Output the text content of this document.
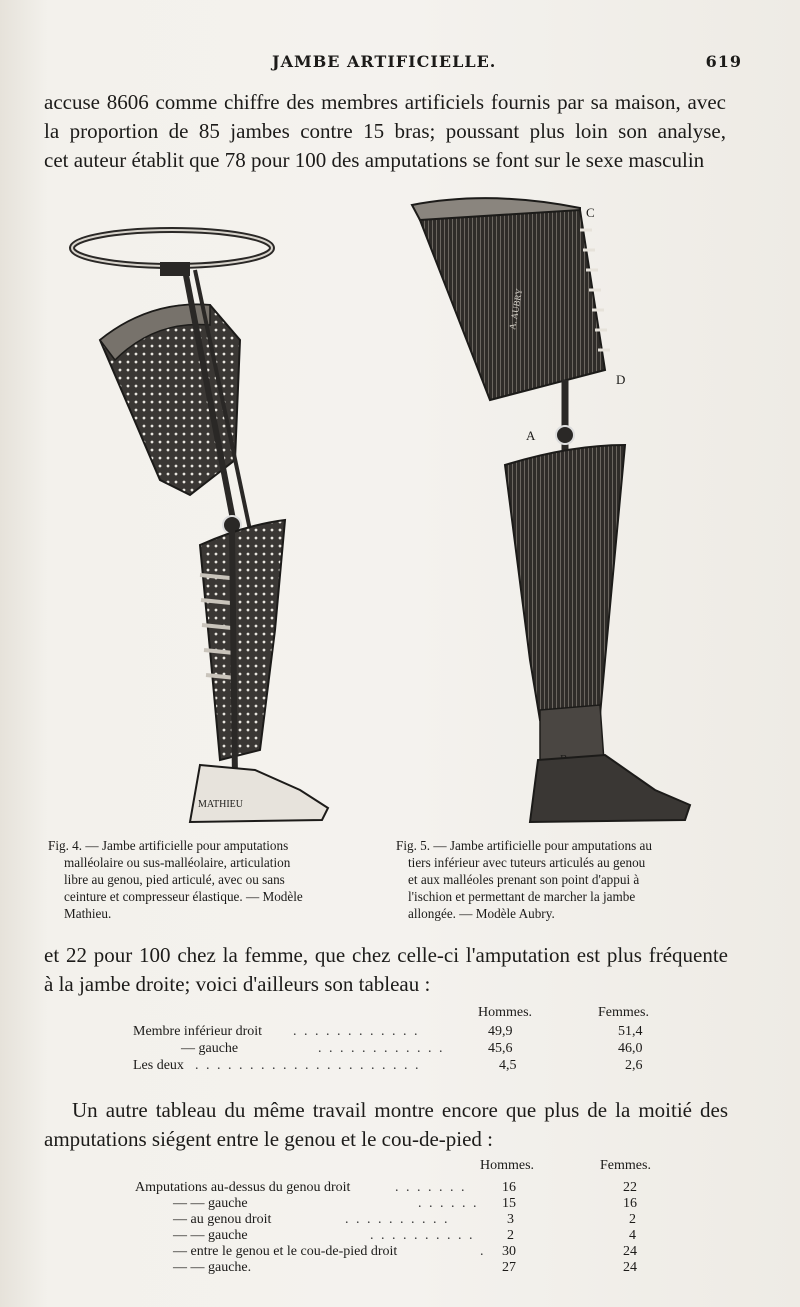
JAMBE ARTIFICIELLE.	619
accuse 8606 comme chiffre des membres artificiels fournis par sa maison, avec
la proportion de 85 jambes contre 15 bras; poussant plus loin son analyse,
cet auteur établit que 78 pour 100 des amputations se font sur le sexe masculin
MATHIEU
C
D
A
A. AUBRY
Fig. 4. — Jambe artificielle pour amputations
malléolaire ou sus-malléolaire, articulation
libre au genou, pied articulé, avec ou sans
ceinture et compresseur élastique. — Modèle
Mathieu.
Fig. 5. — Jambe artificielle pour amputations au
tiers inférieur avec tuteurs articulés au genou
et aux malléoles prenant son point d'appui à
l'ischion et permettant de marcher la jambe
allongée. — Modèle Aubry.
et 22 pour 100 chez la femme, que chez celle-ci l'amputation est plus fréquente
à la jambe droite; voici d'ailleurs son tableau :
Hommes.	Femmes.
Membre inférieur droit . . . . . . . . . . . .	49,9	51,4
— gauche	. . . . . . . . . . . .	45,6	46,0
Les deux . . . . . . . . . . . . . . . . . . . . .	4,5	2,6
Un autre tableau du même travail montre encore que plus de la moitié des
amputations siégent entre le genou et le cou-de-pied :
Hommes.	Femmes.
Amputations au-dessus du genou droit	. . . . . . .	16	22
— — gauche	. . . . . . 15	16
— au genou droit	. . . . . . . . . .	3	2
— — gauche	. . . . . . . . . . 2	4
— entre le genou et le cou-de-pied droit	. 30	24
— — gauche.	27	24
